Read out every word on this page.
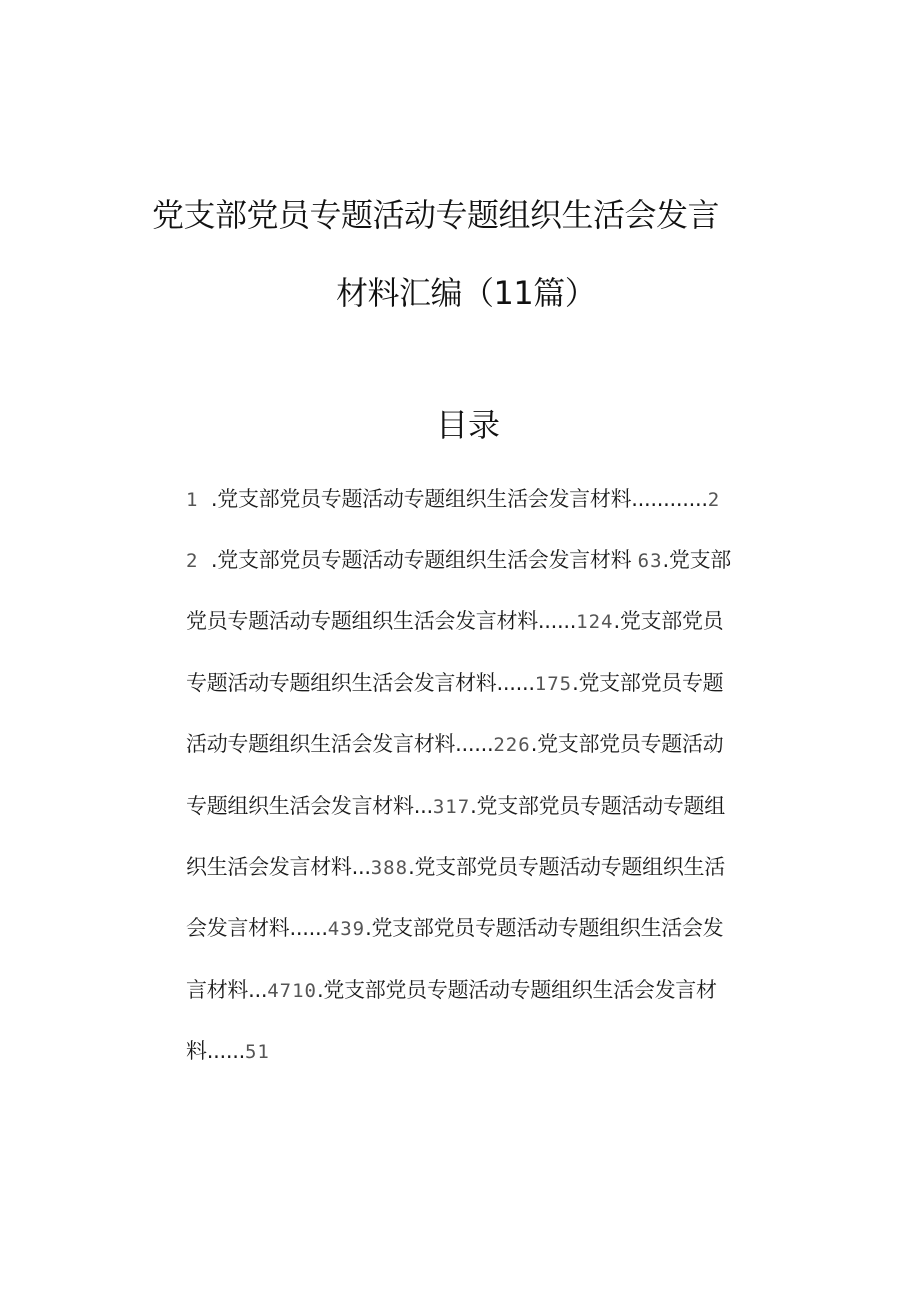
党支部党员专题活动专题组织生活会发言
材料汇编（11篇）
目录
1 .党支部党员专题活动专题组织生活会发言材料............2
2 .党支部党员专题活动专题组织生活会发言材料 63.党支部
党员专题活动专题组织生活会发言材料......124.党支部党员
专题活动专题组织生活会发言材料......175.党支部党员专题
活动专题组织生活会发言材料......226.党支部党员专题活动
专题组织生活会发言材料...317.党支部党员专题活动专题组
织生活会发言材料...388.党支部党员专题活动专题组织生活
会发言材料......439.党支部党员专题活动专题组织生活会发
言材料...4710.党支部党员专题活动专题组织生活会发言材
料......51
